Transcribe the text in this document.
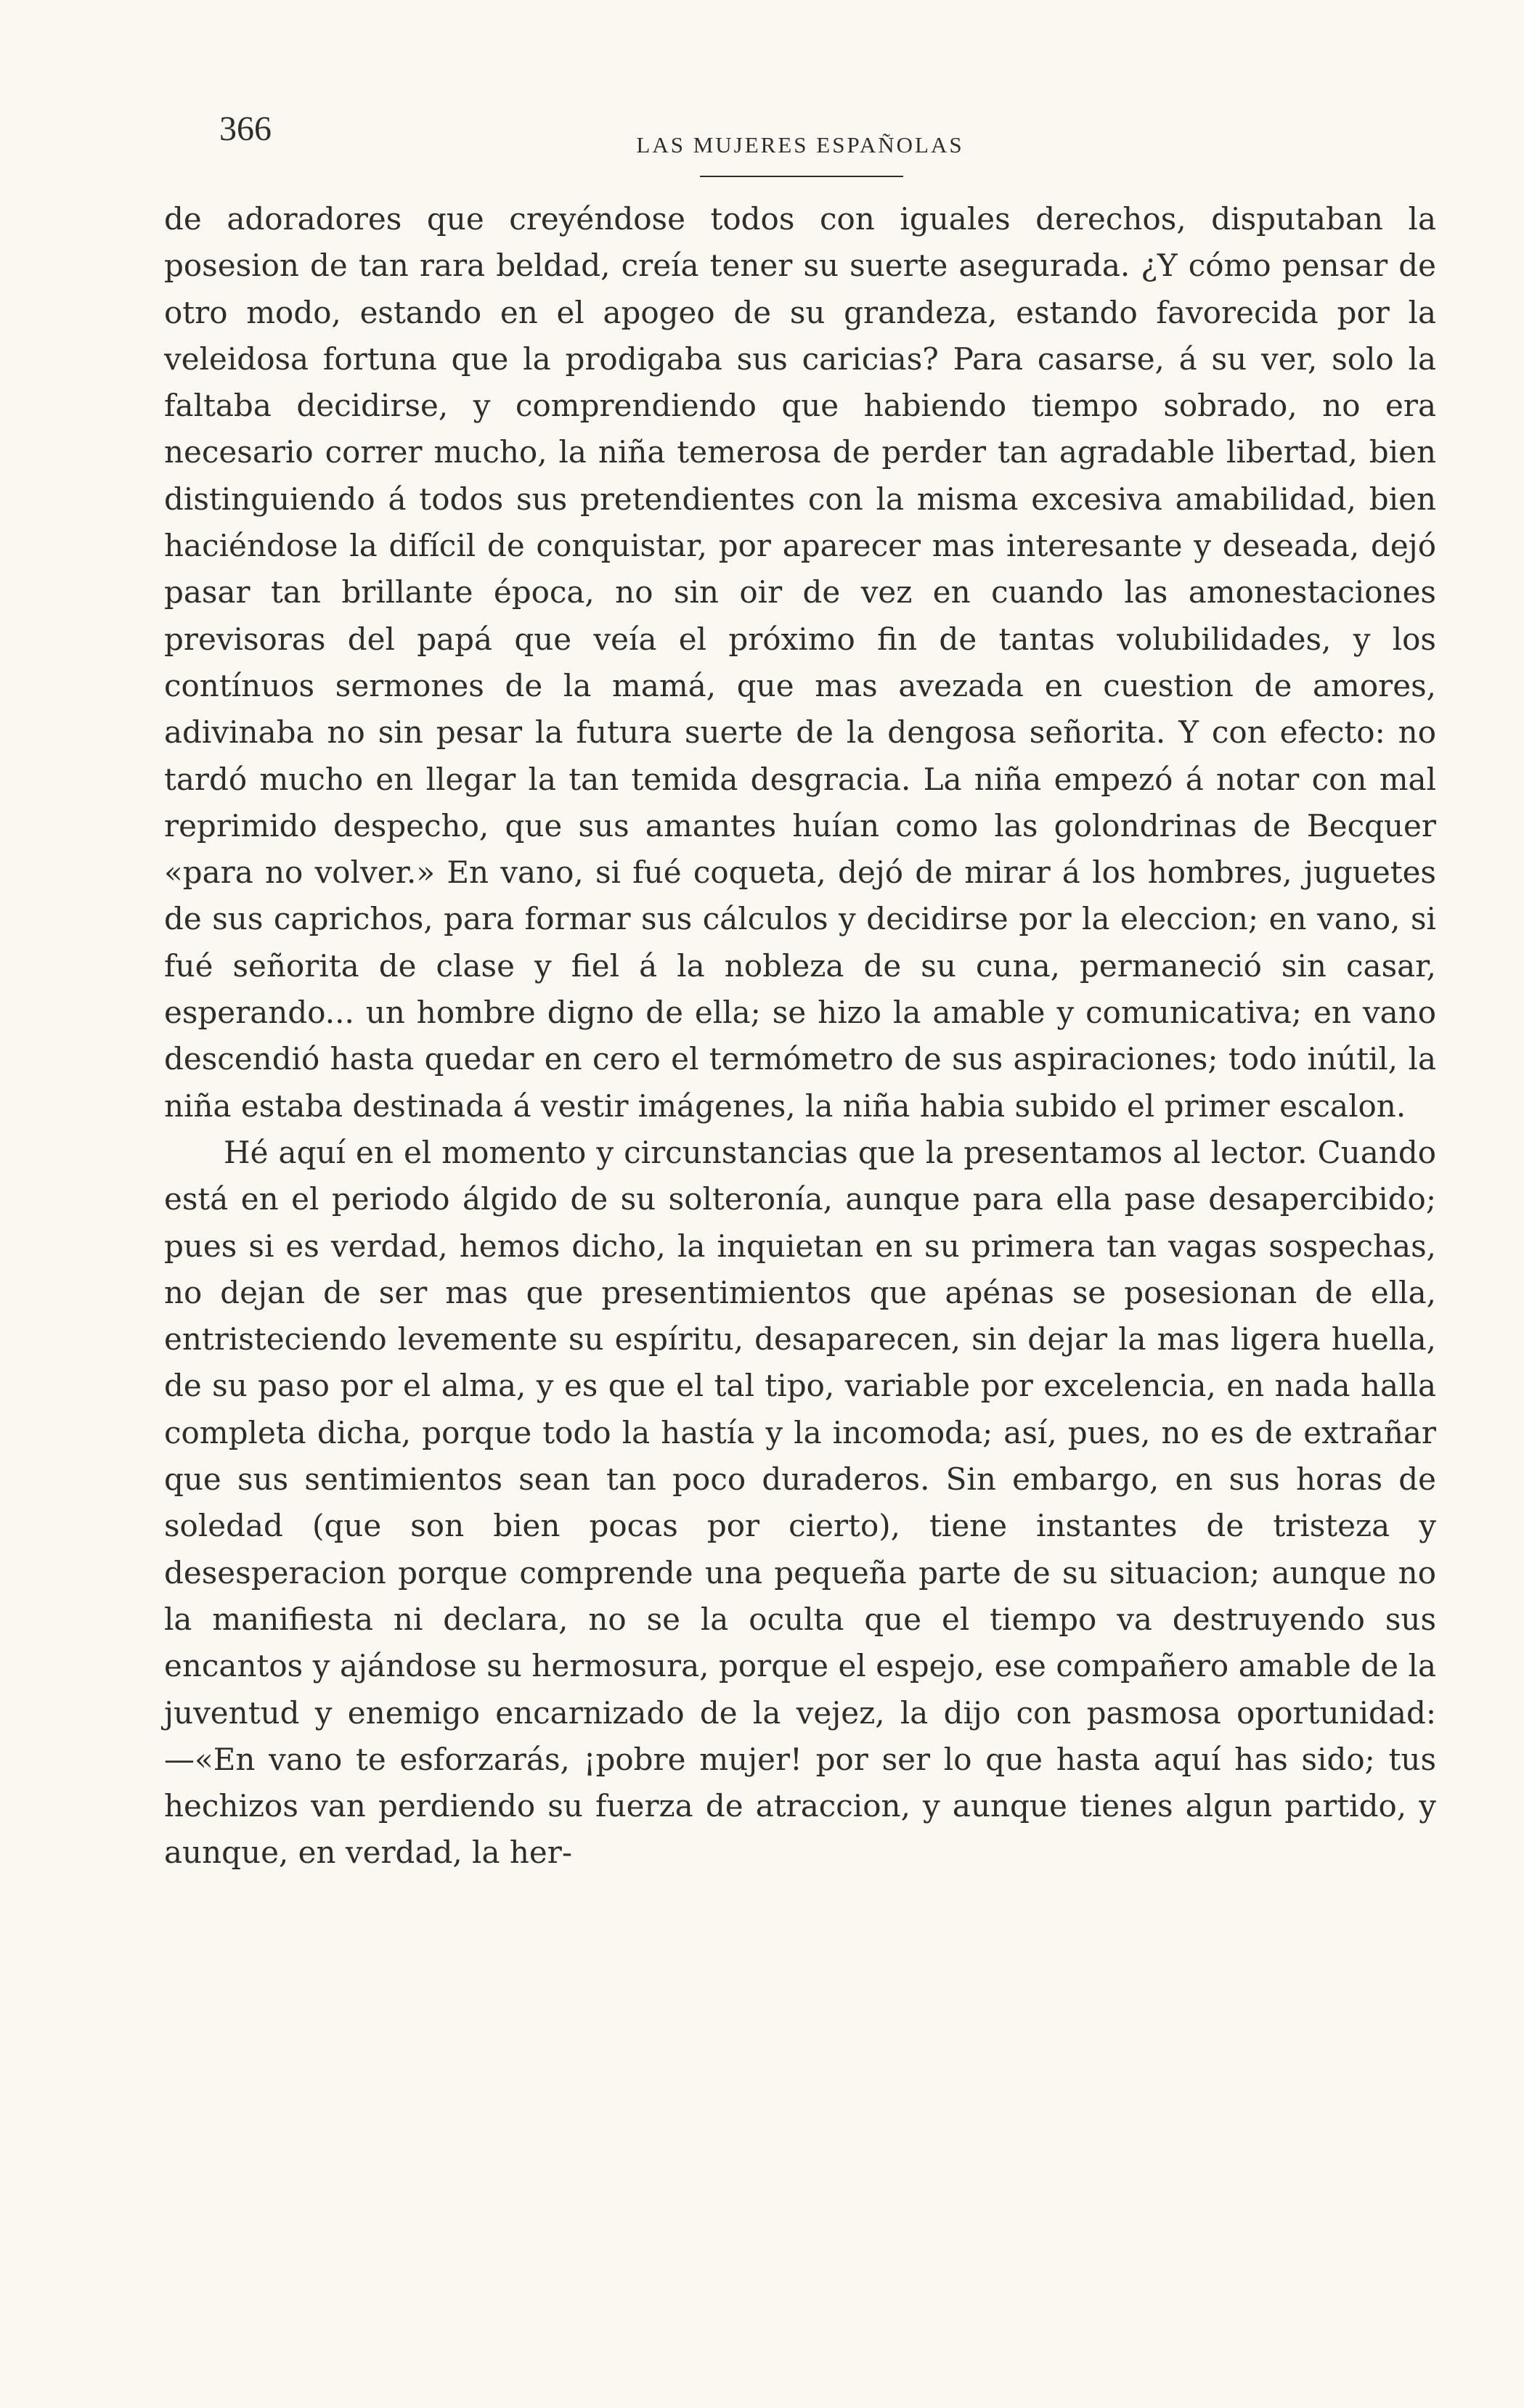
366	LAS MUJERES ESPAÑOLAS

de adoradores que creyéndose todos con iguales derechos, disputaban la posesion de tan rara beldad, creía tener su suerte asegurada. ¿Y cómo pensar de otro modo, estando en el apogeo de su grandeza, estando favorecida por la veleidosa fortuna que la prodigaba sus caricias? Para casarse, á su ver, solo la faltaba decidirse, y comprendiendo que habiendo tiempo sobrado, no era necesario correr mucho, la niña temerosa de perder tan agradable libertad, bien distinguiendo á todos sus pretendientes con la misma excesiva amabilidad, bien haciéndose la difícil de conquistar, por aparecer mas interesante y deseada, dejó pasar tan brillante época, no sin oir de vez en cuando las amonestaciones previsoras del papá que veía el próximo fin de tantas volubilidades, y los contínuos sermones de la mamá, que mas avezada en cuestion de amores, adivinaba no sin pesar la futura suerte de la dengosa señorita. Y con efecto: no tardó mucho en llegar la tan temida desgracia. La niña empezó á notar con mal reprimido despecho, que sus amantes huían como las golondrinas de Becquer «para no volver.» En vano, si fué coqueta, dejó de mirar á los hombres, juguetes de sus caprichos, para formar sus cálculos y decidirse por la eleccion; en vano, si fué señorita de clase y fiel á la nobleza de su cuna, permaneció sin casar, esperando... un hombre digno de ella; se hizo la amable y comunicativa; en vano descendió hasta quedar en cero el termómetro de sus aspiraciones; todo inútil, la niña estaba destinada á vestir imágenes, la niña habia subido el primer escalon.

Hé aquí en el momento y circunstancias que la presentamos al lector. Cuando está en el periodo álgido de su solteronía, aunque para ella pase desapercibido; pues si es verdad, hemos dicho, la inquietan en su primera tan vagas sospechas, no dejan de ser mas que presentimientos que apénas se posesionan de ella, entristeciendo levemente su espíritu, desaparecen, sin dejar la mas ligera huella, de su paso por el alma, y es que el tal tipo, variable por excelencia, en nada halla completa dicha, porque todo la hastía y la incomoda; así, pues, no es de extrañar que sus sentimientos sean tan poco duraderos. Sin embargo, en sus horas de soledad (que son bien pocas por cierto), tiene instantes de tristeza y desesperacion porque comprende una pequeña parte de su situacion; aunque no la manifiesta ni declara, no se la oculta que el tiempo va destruyendo sus encantos y ajándose su hermosura, porque el espejo, ese compañero amable de la juventud y enemigo encarnizado de la vejez, la dijo con pasmosa oportunidad:—«En vano te esforzarás, ¡pobre mujer! por ser lo que hasta aquí has sido; tus hechizos van perdiendo su fuerza de atraccion, y aunque tienes algun partido, y aunque, en verdad, la her-
